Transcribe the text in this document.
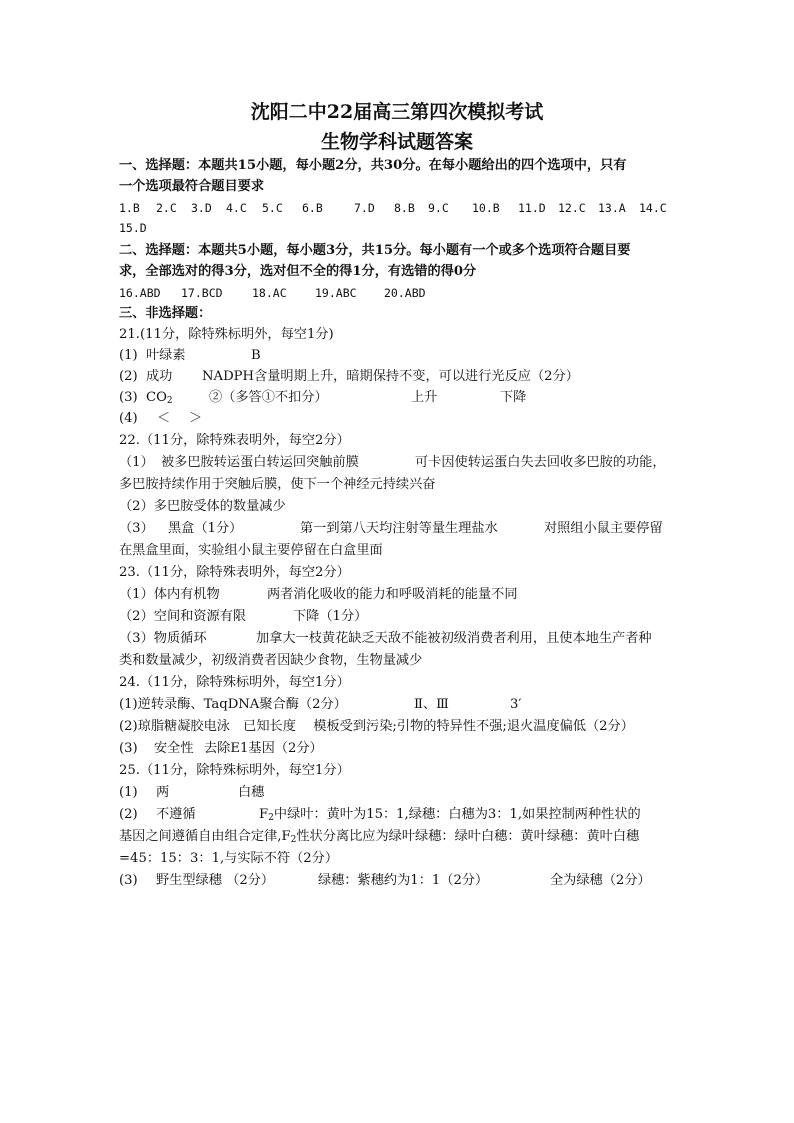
沈阳二中22届高三第四次模拟考试
生物学科试题答案
一、选择题：本题共15小题，每小题2分，共30分。在每小题给出的四个选项中，只有
一个选项最符合题目要求
1.B 2.C 3.D 4.C 5.C 6.B	7.D 8.B 9.C 10.B 11.D 12.C 13.A 14.C
15.D
二、选择题：本题共5小题，每小题3分，共15分。每小题有一个或多个选项符合题目要
求，全部选对的得3分，选对但不全的得1分，有选错的得0分
16.ABD 17.BCD	18.AC 19.ABC 20.ABD
三、非选择题：
21.(11分，除特殊标明外，每空1分)
(1) 叶绿素	B
(2) 成功 NADPH含量明期上升，暗期保持不变，可以进行光反应（2分）
(3) $CO_2$	②（多答①不扣分）	上升	下降
(4) ＜ ＞
22.（11分，除特殊表明外，每空2分）
（1） 被多巴胺转运蛋白转运回突触前膜	可卡因使转运蛋白失去回收多巴胺的功能，
多巴胺持续作用于突触后膜，使下一个神经元持续兴奋
（2）多巴胺受体的数量减少
（3） 黑盒（1分）	第一到第八天均注射等量生理盐水	对照组小鼠主要停留
在黑盒里面，实验组小鼠主要停留在白盒里面
23.（11分，除特殊表明外，每空2分）
（1）体内有机物	两者消化吸收的能力和呼吸消耗的能量不同
（2）空间和资源有限	下降（1分）
（3）物质循环	加拿大一枝黄花缺乏天敌不能被初级消费者利用，且使本地生产者种
类和数量减少，初级消费者因缺少食物，生物量减少
24.（11分，除特殊标明外，每空1分）
(1)逆转录酶、TaqDNA聚合酶（2分）	Ⅱ、Ⅲ	3′
(2)琼脂糖凝胶电泳　已知长度　 模板受到污染;引物的特异性不强;退火温度偏低（2分）
(3) 安全性 去除E1基因（2分）
25.（11分，除特殊标明外，每空1分）
(1) 两	白穗
(2) 不遵循	$F_2$中绿叶：黄叶为15：1,绿穗：白穗为3：1,如果控制两种性状的
基因之间遵循自由组合定律$,F_2$性状分离比应为绿叶绿穗：绿叶白穗：黄叶绿穗：黄叶白穗
=45：15：3：1,与实际不符（2分）
(3) 野生型绿穗 （2分）	绿穗：紫穗约为1：1（2分）	全为绿穗（2分）
